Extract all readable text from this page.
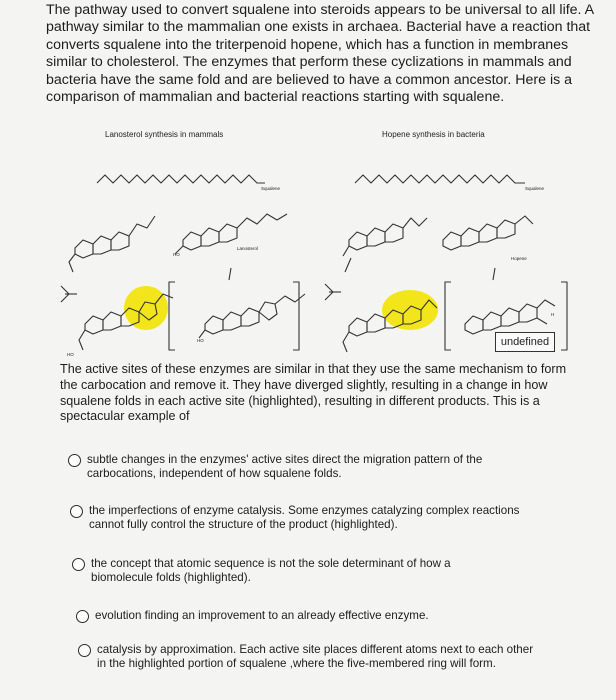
The pathway used to convert squalene into steroids appears to be universal to all life. A pathway similar to the mammalian one exists in archaea. Bacterial have a reaction that converts squalene into the triterpenoid hopene, which has a function in membranes similar to cholesterol. The enzymes that perform these cyclizations in mammals and bacteria have the same fold and are believed to have a common ancestor. Here is a comparison of mammalian and bacterial reactions starting with squalene.

Lanosterol synthesis in mammals	Hopene synthesis in bacteria
Squalene	Squalene
Lanosterol
Hopene
HO
HO
HO
H
undefined

The active sites of these enzymes are similar in that they use the same mechanism to form the carbocation and remove it. They have diverged slightly, resulting in a change in how squalene folds in each active site (highlighted), resulting in different products. This is a spectacular example of

subtle changes in the enzymes' active sites direct the migration pattern of the carbocations, independent of how squalene folds.
the imperfections of enzyme catalysis. Some enzymes catalyzing complex reactions cannot fully control the structure of the product (highlighted).
the concept that atomic sequence is not the sole determinant of how a biomolecule folds (highlighted).
evolution finding an improvement to an already effective enzyme.
catalysis by approximation. Each active site places different atoms next to each other in the highlighted portion of squalene ,where the five-membered ring will form.
